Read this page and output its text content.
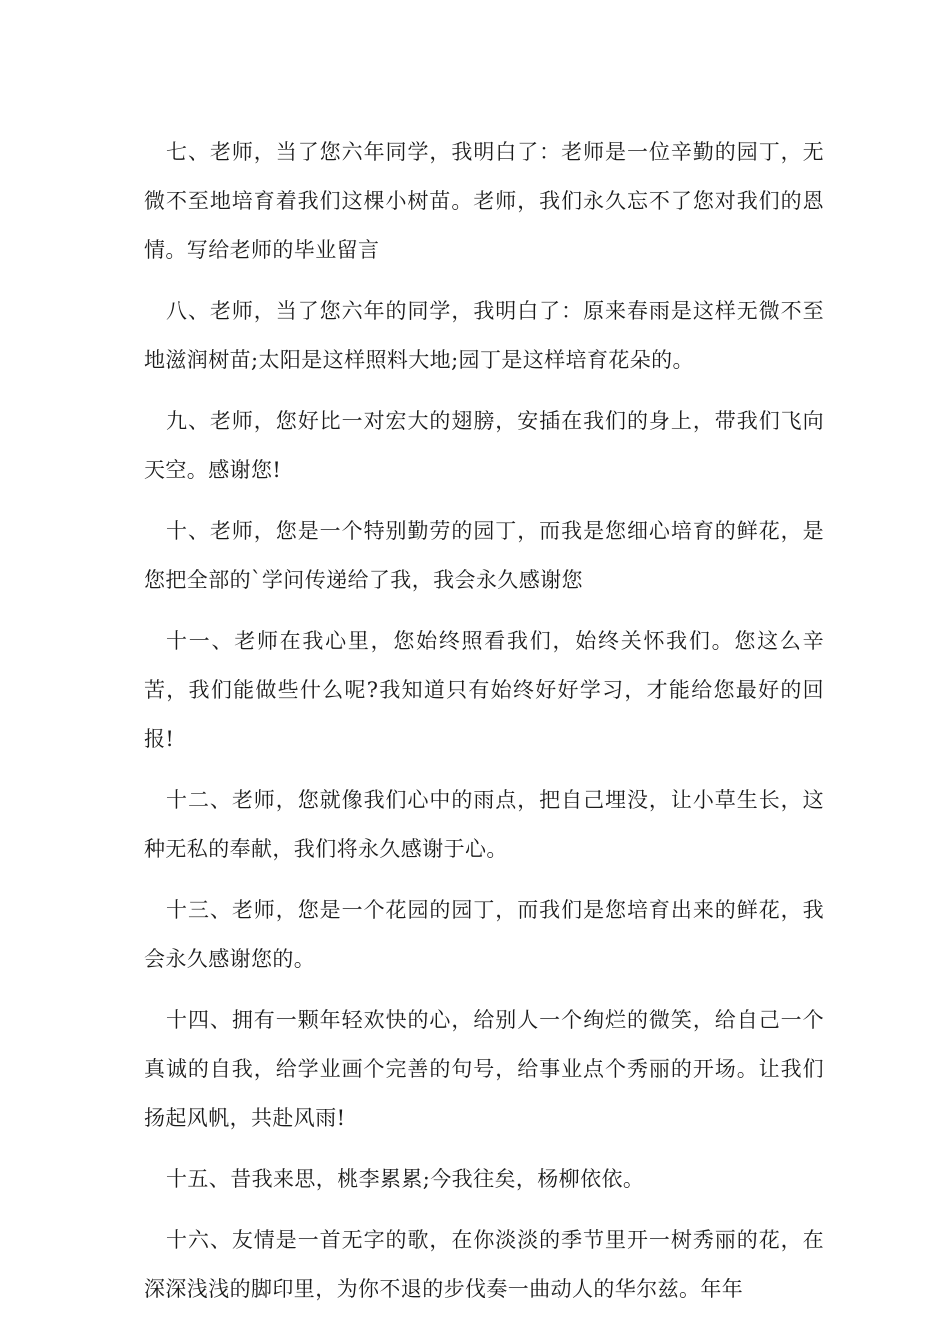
七、老师，当了您六年同学，我明白了：老师是一位辛勤的园丁，无微不至地培育着我们这棵小树苗。老师，我们永久忘不了您对我们的恩情。写给老师的毕业留言

八、老师，当了您六年的同学，我明白了：原来春雨是这样无微不至地滋润树苗;太阳是这样照料大地;园丁是这样培育花朵的。

九、老师，您好比一对宏大的翅膀，安插在我们的身上，带我们飞向天空。感谢您!

十、老师，您是一个特别勤劳的园丁，而我是您细心培育的鲜花，是您把全部的`学问传递给了我，我会永久感谢您

十一、老师在我心里，您始终照看我们，始终关怀我们。您这么辛苦，我们能做些什么呢?我知道只有始终好好学习，才能给您最好的回报!

十二、老师，您就像我们心中的雨点，把自己埋没，让小草生长，这种无私的奉献，我们将永久感谢于心。

十三、老师，您是一个花园的园丁，而我们是您培育出来的鲜花，我会永久感谢您的。

十四、拥有一颗年轻欢快的心，给别人一个绚烂的微笑，给自己一个真诚的自我，给学业画个完善的句号，给事业点个秀丽的开场。让我们扬起风帆，共赴风雨!

十五、昔我来思，桃李累累;今我往矣，杨柳依依。

十六、友情是一首无字的歌，在你淡淡的季节里开一树秀丽的花，在深深浅浅的脚印里，为你不退的步伐奏一曲动人的华尔兹。年年
